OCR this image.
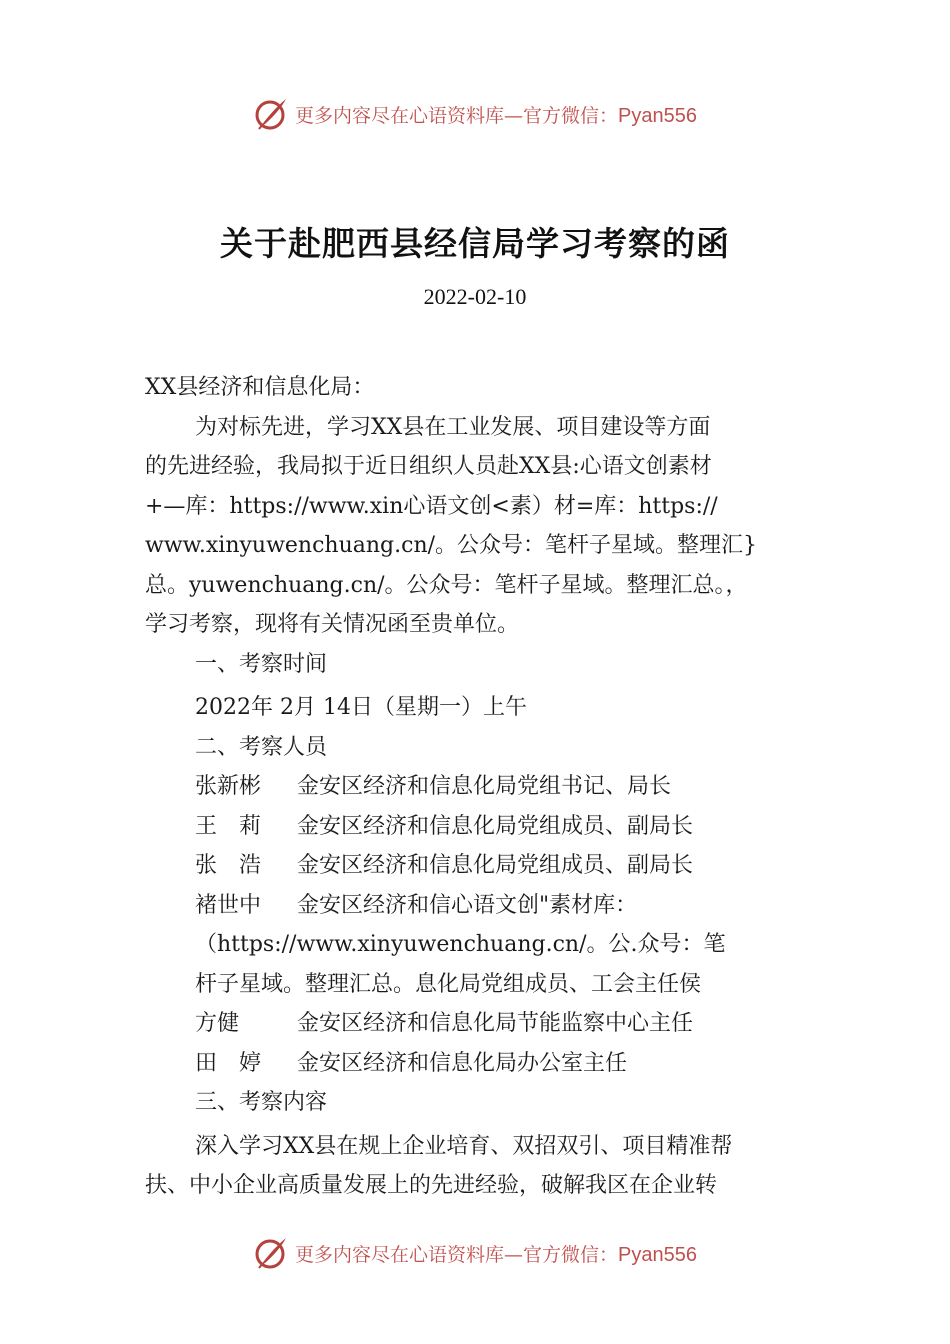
更多内容尽在心语资料库—官方微信：Pyan556
关于赴肥西县经信局学习考察的函
2022-02-10

XX县经济和信息化局：

为对标先进，学习XX县在工业发展、项目建设等方面

的先进经验，我局拟于近日组织人员赴XX县:心语文创素材

+—库：https://www.xin心语文创<素）材=库：https://

www.xinyuwenchuang.cn/。公众号：笔杆子星域。整理汇}

总。yuwenchuang.cn/。公众号：笔杆子星域。整理汇总。，

学习考察，现将有关情况函至贵单位。

一、考察时间

2022年 2月 14日（星期一）上午

二、考察人员

张新彬	金安区经济和信息化局党组书记、局长
王　莉	金安区经济和信息化局党组成员、副局长
张　浩	金安区经济和信息化局党组成员、副局长
褚世中	金安区经济和信心语文创"素材库：

（https://www.xinyuwenchuang.cn/。公.众号：笔

杆子星域。整理汇总。息化局党组成员、工会主任侯

方健	金安区经济和信息化局节能监察中心主任
田　婷	金安区经济和信息化局办公室主任

三、考察内容

深入学习XX县在规上企业培育、双招双引、项目精准帮

扶、中小企业高质量发展上的先进经验，破解我区在企业转

更多内容尽在心语资料库—官方微信：Pyan556
